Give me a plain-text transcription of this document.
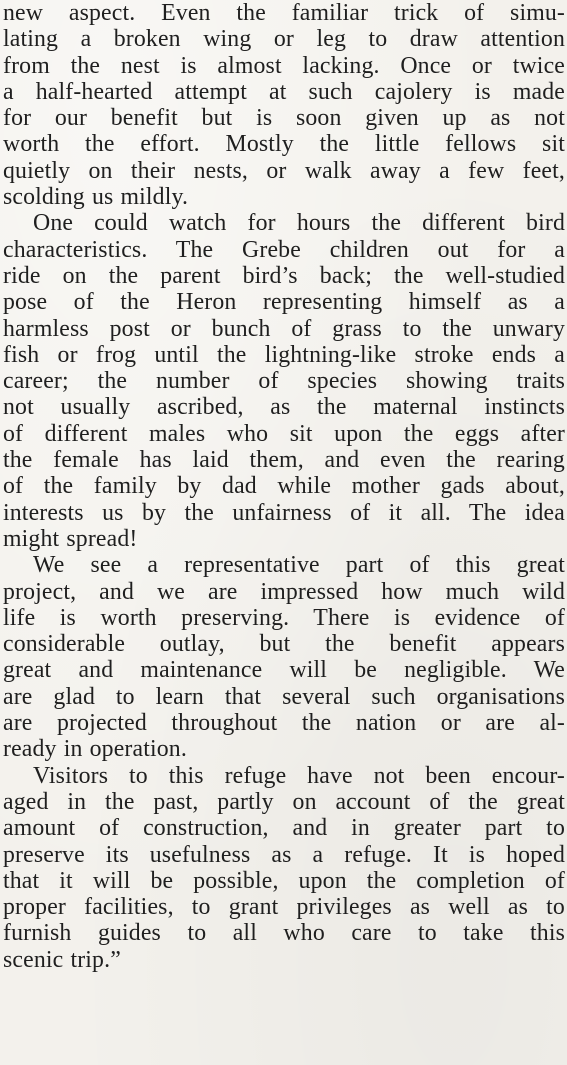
new aspect. Even the familiar trick of simu-
lating a broken wing or leg to draw attention
from the nest is almost lacking. Once or twice
a half-hearted attempt at such cajolery is made
for our benefit but is soon given up as not
worth the effort. Mostly the little fellows sit
quietly on their nests, or walk away a few feet,
scolding us mildly.
One could watch for hours the different bird
characteristics. The Grebe children out for a
ride on the parent bird’s back; the well-studied
pose of the Heron representing himself as a
harmless post or bunch of grass to the unwary
fish or frog until the lightning-like stroke ends a
career; the number of species showing traits
not usually ascribed, as the maternal instincts
of different males who sit upon the eggs after
the female has laid them, and even the rearing
of the family by dad while mother gads about,
interests us by the unfairness of it all. The idea
might spread!
We see a representative part of this great
project, and we are impressed how much wild
life is worth preserving. There is evidence of
considerable outlay, but the benefit appears
great and maintenance will be negligible. We
are glad to learn that several such organisations
are projected throughout the nation or are al-
ready in operation.
Visitors to this refuge have not been encour-
aged in the past, partly on account of the great
amount of construction, and in greater part to
preserve its usefulness as a refuge. It is hoped
that it will be possible, upon the completion of
proper facilities, to grant privileges as well as to
furnish guides to all who care to take this
scenic trip.”
